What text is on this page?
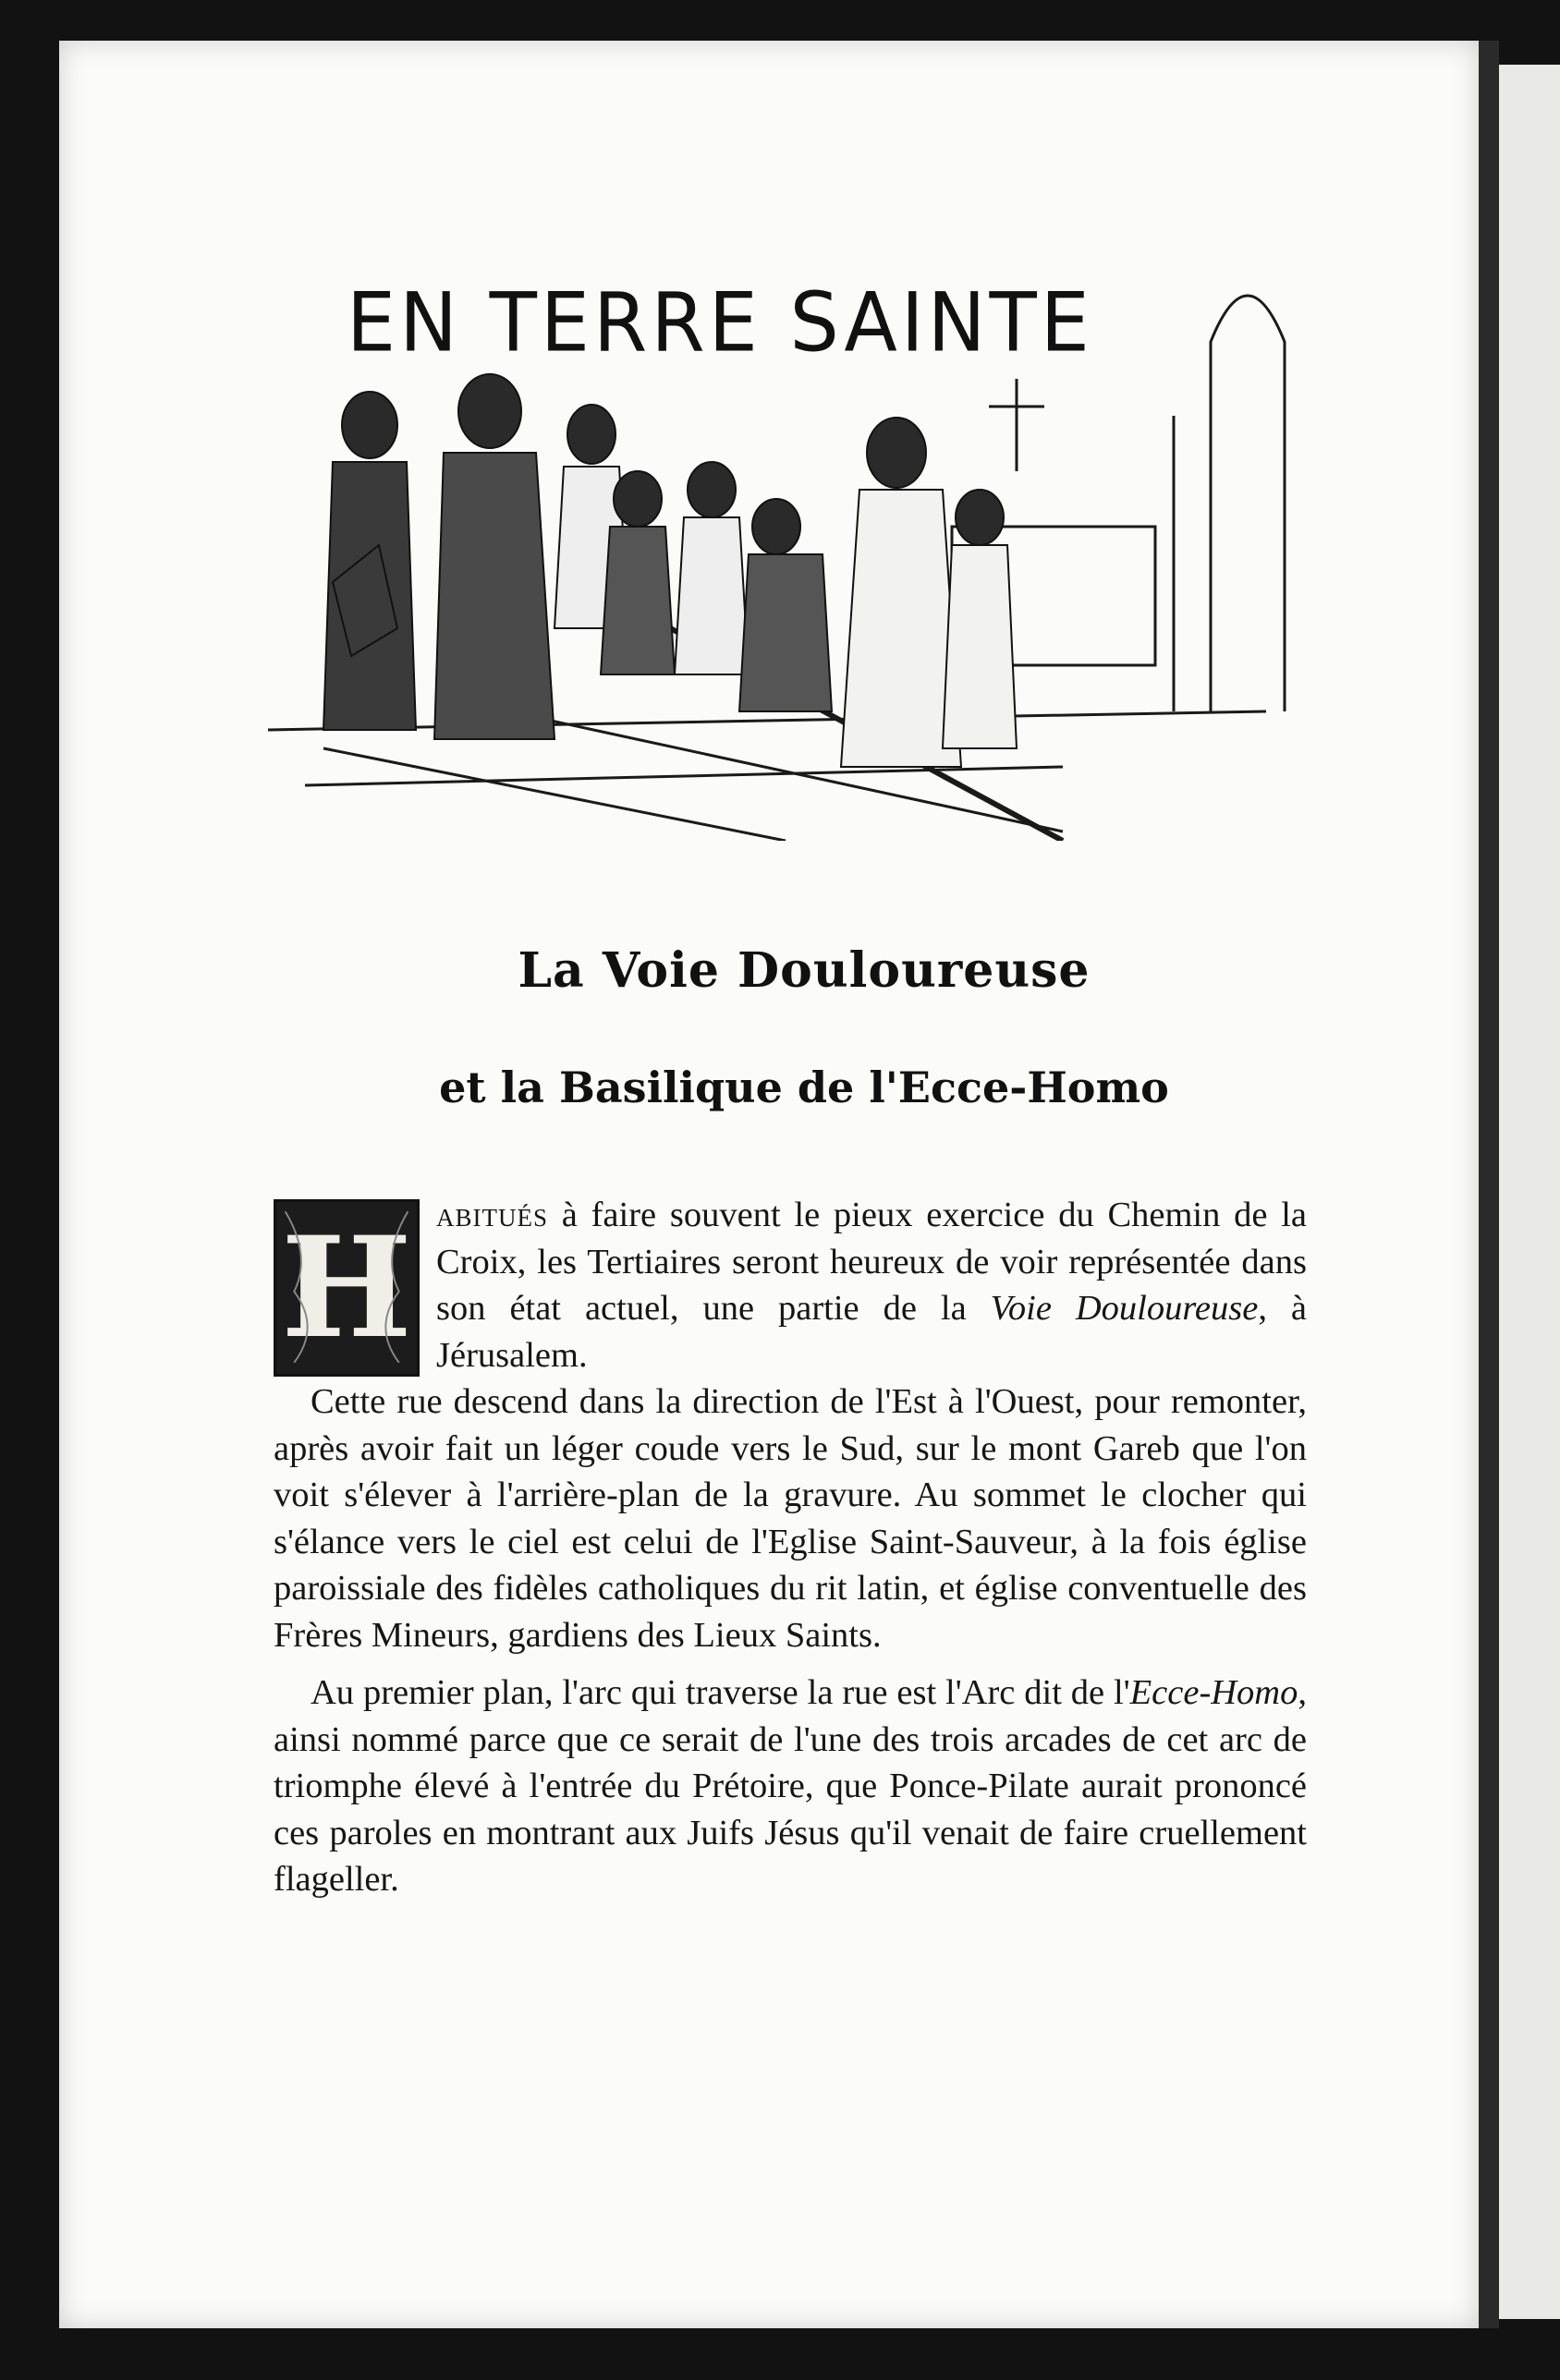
EN TERRE SAINTE
La Voie Douloureuse
et la Basilique de l'Ecce-Homo

H abitués à faire souvent le pieux exercice du Chemin de la Croix, les Tertiaires seront heureux de voir représentée dans son état actuel, une partie de la Voie Douloureuse, à Jérusalem.

Cette rue descend dans la direction de l'Est à l'Ouest, pour remonter, après avoir fait un léger coude vers le Sud, sur le mont Gareb que l'on voit s'élever à l'arrière-plan de la gravure. Au sommet le clocher qui s'élance vers le ciel est celui de l'Eglise Saint-Sauveur, à la fois église paroissiale des fidèles catholiques du rit latin, et église conventuelle des Frères Mineurs, gardiens des Lieux Saints.

Au premier plan, l'arc qui traverse la rue est l'Arc dit de l'Ecce-Homo, ainsi nommé parce que ce serait de l'une des trois arcades de cet arc de triomphe élevé à l'entrée du Prétoire, que Ponce-Pilate aurait prononcé ces paroles en montrant aux Juifs Jésus qu'il venait de faire cruellement flageller.
